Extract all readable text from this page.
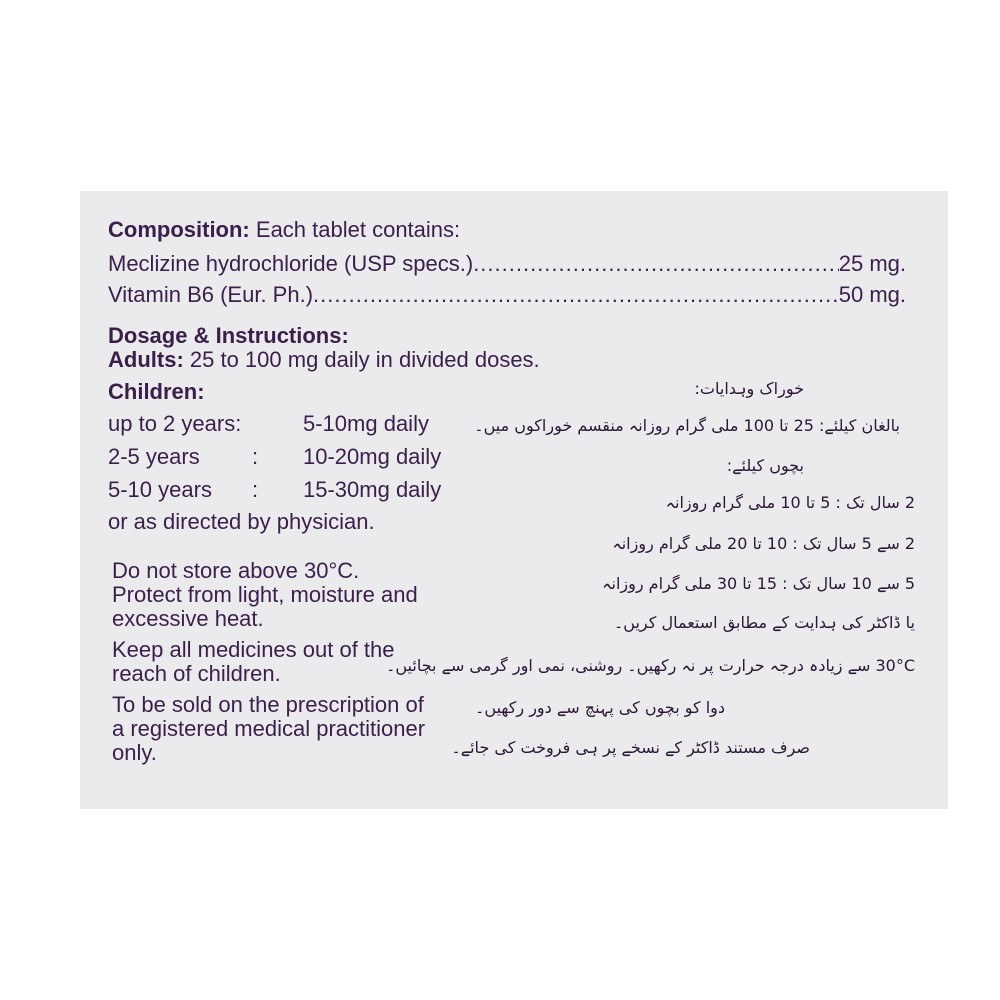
Composition: Each tablet contains:
Meclizine hydrochloride (USP specs.) .....	25 mg.
Vitamin B6 (Eur. Ph.) .....	50 mg.
Dosage & Instructions:
Adults: 25 to 100 mg daily in divided doses.
Children:
up to 2 years:	5-10mg daily
2-5 years : 10-20mg daily
5-10 years : 15-30mg daily
or as directed by physician.
Do not store above 30°C.
Protect from light, moisture and
excessive heat.
Keep all medicines out of the
reach of children.
To be sold on the prescription of
a registered medical practitioner
only.
خوراک وہدایات:
بالغان کیلئے: 25 تا 100 ملی گرام روزانہ منقسم خوراکوں میں۔
بچوں کیلئے:
2 سال تک : 5 تا 10 ملی گرام روزانہ
2 سے 5 سال تک : 10 تا 20 ملی گرام روزانہ
5 سے 10 سال تک : 15 تا 30 ملی گرام روزانہ
یا ڈاکٹر کی ہدایت کے مطابق استعمال کریں۔
30°C سے زیادہ درجہ حرارت پر نہ رکھیں۔ روشنی، نمی اور گرمی سے بچائیں۔
دوا کو بچوں کی پہنچ سے دور رکھیں۔
صرف مستند ڈاکٹر کے نسخے پر ہی فروخت کی جائے۔
